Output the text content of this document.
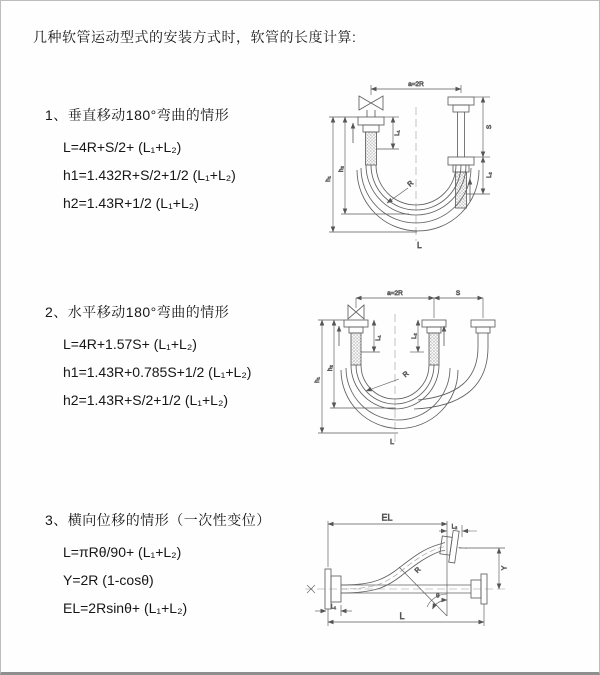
几种软管运动型式的安装方式时，软管的长度计算:
1、垂直移动180°弯曲的情形
L=4R+S/2+ (L₁+L₂)
h1=1.432R+S/2+1/2 (L₁+L₂)
h2=1.43R+1/2 (L₁+L₂)
a=2R
h₁
h₂
L₁
S
L₂
R
L
2、水平移动180°弯曲的情形
L=4R+1.57S+ (L₁+L₂)
h1=1.43R+0.785S+1/2 (L₁+L₂)
h2=1.43R+S/2+1/2 (L₁+L₂)
a=2R	S
h₁
h₂
L₁	L₂
R
L
3、横向位移的情形（一次性变位）
L=πRθ/90+ (L₁+L₂)
Y=2R (1-cosθ)
EL=2Rsinθ+ (L₁+L₂)
EL
L₂
Y
θ
R
L
L₁
